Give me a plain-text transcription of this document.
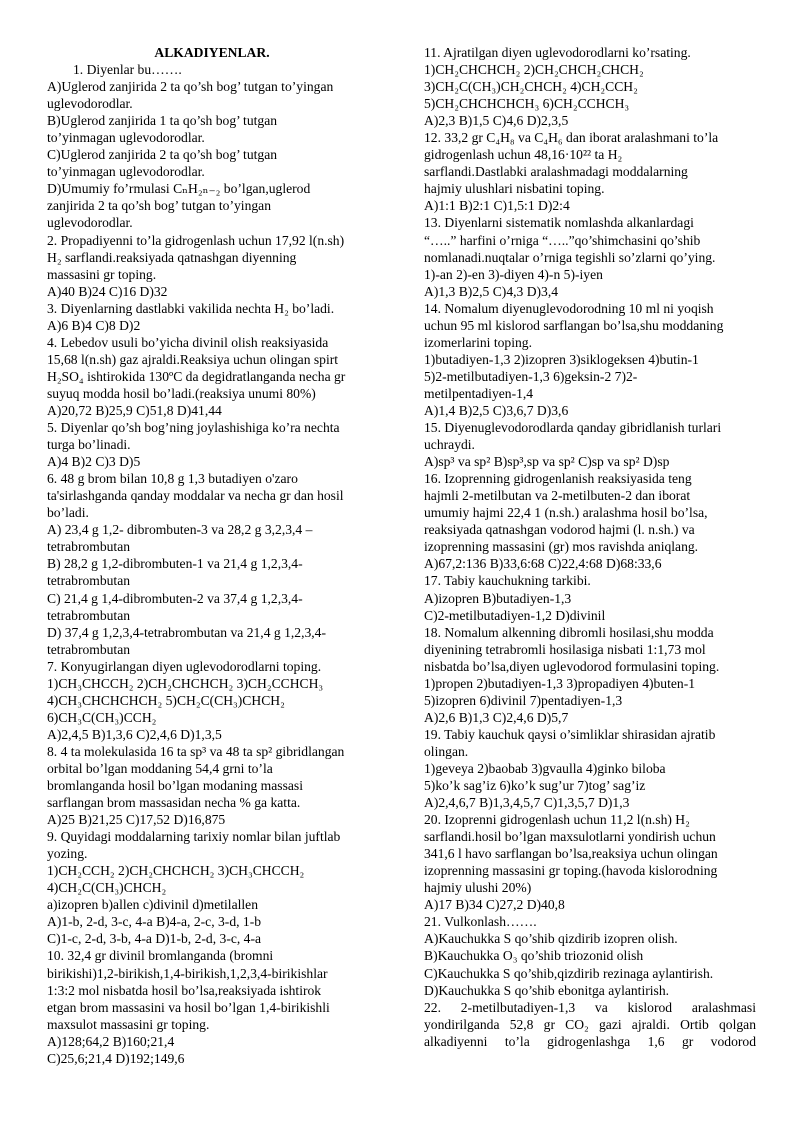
ALKADIYENLAR.
1. Diyenlar bu…….
A)Uglerod zanjirida 2 ta qo’sh bog’ tutgan to’yingan
uglevodorodlar.
B)Uglerod zanjirida 1 ta qo’sh bog’ tutgan
to’yinmagan uglevodorodlar.
C)Uglerod zanjirida 2 ta qo’sh bog’ tutgan
to’yinmagan uglevodorodlar.
D)Umumiy fo’rmulasi CₙH₂ₙ₋₂ bo’lgan,uglerod
zanjirida 2 ta qo’sh bog’ tutgan to’yingan
uglevodorodlar.
2. Propadiyenni to’la gidrogenlash uchun 17,92 l(n.sh)
H₂ sarflandi.reaksiyada qatnashgan diyenning
massasini gr toping.
A)40 B)24 C)16 D)32
3. Diyenlarning dastlabki vakilida nechta H₂ bo’ladi.
A)6 B)4 C)8 D)2
4. Lebedov usuli bo’yicha divinil olish reaksiyasida
15,68 l(n.sh) gaz ajraldi.Reaksiya uchun olingan spirt
H₂SO₄ ishtirokida 130ºC da degidratlanganda necha gr
suyuq modda hosil bo’ladi.(reaksiya unumi 80%)
A)20,72 B)25,9 C)51,8 D)41,44
5. Diyenlar qo’sh bog’ning joylashishiga ko’ra nechta
turga bo’linadi.
A)4 B)2 C)3 D)5
6. 48 g brom bilan 10,8 g 1,3 butadiyen o'zaro
ta'sirlashganda qanday moddalar va necha gr dan hosil
bo’ladi.
A) 23,4 g 1,2- dibrombuten-3 va 28,2 g 3,2,3,4 –
tetrabrombutan
B) 28,2 g 1,2-dibrombuten-1 va 21,4 g 1,2,3,4-
tetrabrombutan
C) 21,4 g 1,4-dibrombuten-2 va 37,4 g 1,2,3,4-
tetrabrombutan
D) 37,4 g 1,2,3,4-tetrabrombutan va 21,4 g 1,2,3,4-
tetrabrombutan
7. Konyugirlangan diyen uglevodorodlarni toping.
1)CH₃CHCCH₂ 2)CH₂CHCHCH₂ 3)CH₂CCHCH₃
4)CH₃CHCHCHCH₂ 5)CH₂C(CH₃)CHCH₂
6)CH₃C(CH₃)CCH₂
A)2,4,5 B)1,3,6 C)2,4,6 D)1,3,5
8. 4 ta molekulasida 16 ta sp³ va 48 ta sp² gibridlangan
orbital bo’lgan moddaning 54,4 grni to’la
bromlanganda hosil bo’lgan modaning massasi
sarflangan brom massasidan necha % ga katta.
A)25 B)21,25 C)17,52 D)16,875
9. Quyidagi moddalarning tarixiy nomlar bilan juftlab
yozing.
1)CH₂CCH₂ 2)CH₂CHCHCH₂ 3)CH₃CHCCH₂
4)CH₂C(CH₃)CHCH₂
a)izopren b)allen c)divinil d)metilallen
A)1-b, 2-d, 3-c, 4-a B)4-a, 2-c, 3-d, 1-b
C)1-c, 2-d, 3-b, 4-a D)1-b, 2-d, 3-c, 4-a
10. 32,4 gr divinil bromlanganda (bromni
birikishi)1,2-birikish,1,4-birikish,1,2,3,4-birikishlar
1:3:2 mol nisbatda hosil bo’lsa,reaksiyada ishtirok
etgan brom massasini va hosil bo’lgan 1,4-birikishli
maxsulot massasini gr toping.
A)128;64,2 B)160;21,4
C)25,6;21,4 D)192;149,6
11. Ajratilgan diyen uglevodorodlarni ko’rsating.
1)CH₂CHCHCH₂ 2)CH₂CHCH₂CHCH₂
3)CH₂C(CH₃)CH₂CHCH₂ 4)CH₂CCH₂
5)CH₂CHCHCHCH₃ 6)CH₂CCHCH₃
A)2,3 B)1,5 C)4,6 D)2,3,5
12. 33,2 gr C₄H₈ va C₄H₆ dan iborat aralashmani to’la
gidrogenlash uchun 48,16·10²² ta H₂
sarflandi.Dastlabki aralashmadagi moddalarning
hajmiy ulushlari nisbatini toping.
A)1:1 B)2:1 C)1,5:1 D)2:4
13. Diyenlarni sistematik nomlashda alkanlardagi
“…..” harfini o’rniga “…..”qo’shimchasini qo’shib
nomlanadi.nuqtalar o’rniga tegishli so’zlarni qo’ying.
1)-an 2)-en 3)-diyen 4)-n 5)-iyen
A)1,3 B)2,5 C)4,3 D)3,4
14. Nomalum diyenuglevodorodning 10 ml ni yoqish
uchun 95 ml kislorod sarflangan bo’lsa,shu moddaning
izomerlarini toping.
1)butadiyen-1,3 2)izopren 3)siklogeksen 4)butin-1
5)2-metilbutadiyen-1,3 6)geksin-2 7)2-
metilpentadiyen-1,4
A)1,4 B)2,5 C)3,6,7 D)3,6
15. Diyenuglevodorodlarda qanday gibridlanish turlari
uchraydi.
A)sp³ va sp² B)sp³,sp va sp² C)sp va sp² D)sp
16. Izoprenning gidrogenlanish reaksiyasida teng
hajmli 2-metilbutan va 2-metilbuten-2 dan iborat
umumiy hajmi 22,4 1 (n.sh.) aralashma hosil bo’lsa,
reaksiyada qatnashgan vodorod hajmi (l. n.sh.) va
izoprenning massasini (gr) mos ravishda aniqlang.
A)67,2:136 B)33,6:68 C)22,4:68 D)68:33,6
17. Tabiy kauchukning tarkibi.
A)izopren B)butadiyen-1,3
C)2-metilbutadiyen-1,2 D)divinil
18. Nomalum alkenning dibromli hosilasi,shu modda
diyenining tetrabromli hosilasiga nisbati 1:1,73 mol
nisbatda bo’lsa,diyen uglevodorod formulasini toping.
1)propen 2)butadiyen-1,3 3)propadiyen 4)buten-1
5)izopren 6)divinil 7)pentadiyen-1,3
A)2,6 B)1,3 C)2,4,6 D)5,7
19. Tabiy kauchuk qaysi o’simliklar shirasidan ajratib
olingan.
1)geveya 2)baobab 3)gvaulla 4)ginko biloba
5)ko’k sag’iz 6)ko’k sug’ur 7)tog’ sag’iz
A)2,4,6,7 B)1,3,4,5,7 C)1,3,5,7 D)1,3
20. Izoprenni gidrogenlash uchun 11,2 l(n.sh) H₂
sarflandi.hosil bo’lgan maxsulotlarni yondirish uchun
341,6 l havo sarflangan bo’lsa,reaksiya uchun olingan
izoprenning massasini gr toping.(havoda kislorodning
hajmiy ulushi 20%)
A)17 B)34 C)27,2 D)40,8
21. Vulkonlash…….
A)Kauchukka S qo’shib qizdirib izopren olish.
B)Kauchukka O₃ qo’shib triozonid olish
C)Kauchukka S qo’shib,qizdirib rezinaga aylantirish.
D)Kauchukka S qo’shib ebonitga aylantirish.
22. 2-metilbutadiyen-1,3 va kislorod aralashmasi
yondirilganda 52,8 gr CO₂ gazi ajraldi. Ortib qolgan
alkadiyenni to’la gidrogenlashga 1,6 gr vodorod
